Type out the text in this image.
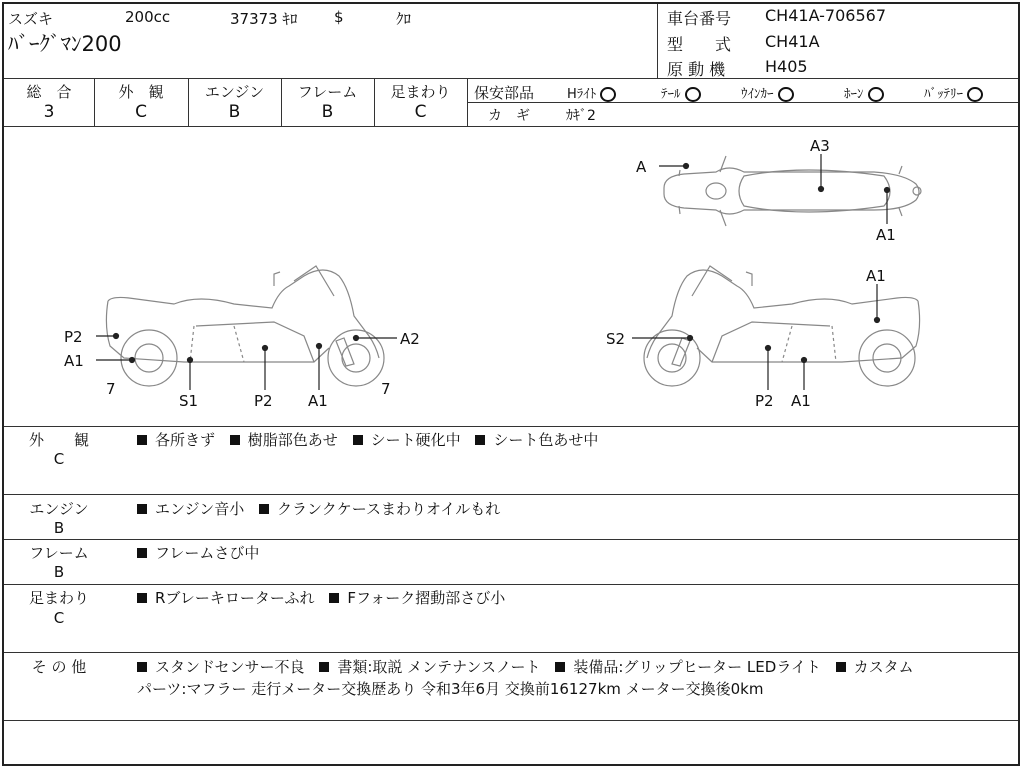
スズキ	200cc	37373 ｷﾛ $	ｸﾛ
ﾊﾞｰｸﾞﾏﾝ200
車台番号 CH41A-706567
型　　式 CH41A
原 動 機 H405
総　合
3
外　観
C
エンジン
B
フレーム
B
足まわり
C
保安部品	Hﾗｲﾄ	ﾃｰﾙ	ｳｲﾝｶｰ	ﾎｰﾝ	ﾊﾞｯﾃﾘｰ
カ　ギ	ｶｷﾞ2
A
A3
A1
P2
A1
A2
7
S1	P2 A1
7
A1
S2
P2 A1
外　　観
C
各所きず 樹脂部色あせ シート硬化中 シート色あせ中
エンジン
B
エンジン音小 クランクケースまわりオイルもれ
フレーム
B
フレームさび中
足まわり
C
Rブレーキローターふれ Fフォーク摺動部さび小
そ の 他	スタンドセンサー不良 書類:取説 メンテナンスノート 装備品:グリップヒーター LEDライト カスタム
パーツ:マフラー 走行メーター交換歴あり 令和3年6月 交換前16127km メーター交換後0km
